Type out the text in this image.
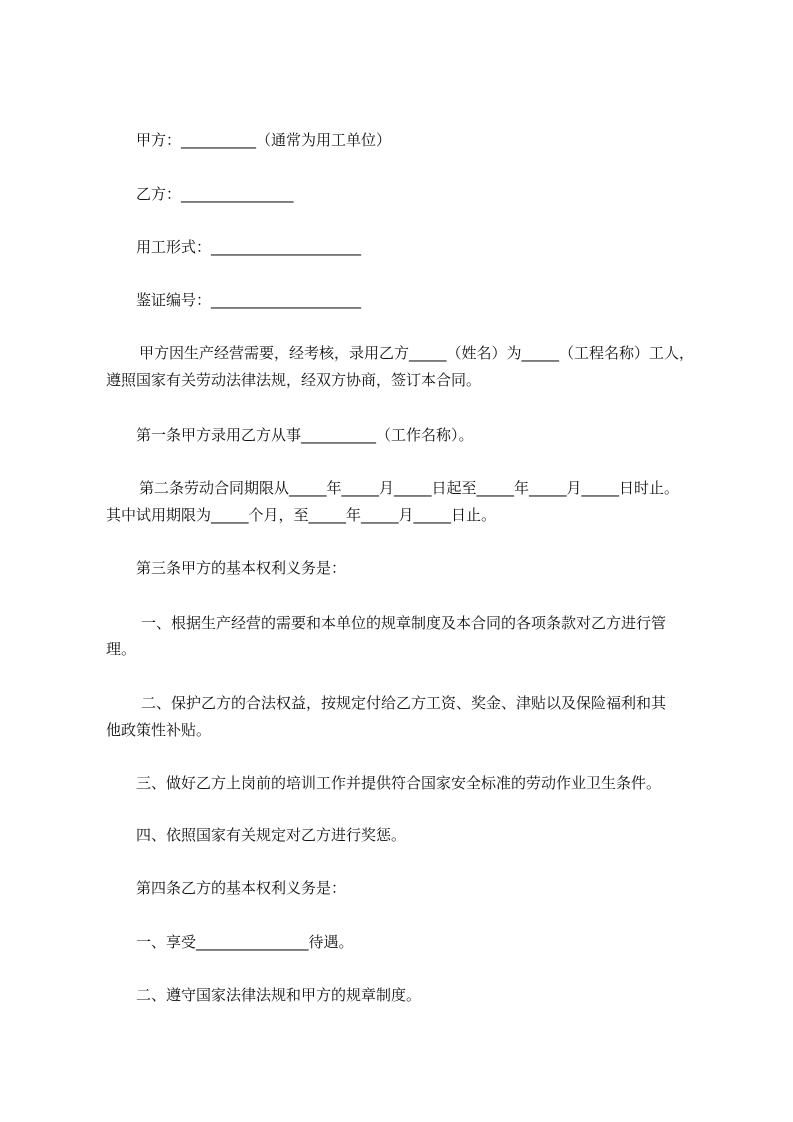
甲方：__________（通常为用工单位）
乙方：_______________
用工形式：____________________
鉴证编号：____________________
甲方因生产经营需要，经考核，录用乙方_____（姓名）为_____（工程名称）工人，
遵照国家有关劳动法律法规，经双方协商，签订本合同。
第一条甲方录用乙方从事__________（工作名称）。
第二条劳动合同期限从_____年_____月_____日起至_____年_____月_____日时止。
其中试用期限为_____个月，至_____年_____月_____日止。
第三条甲方的基本权利义务是：
一、根据生产经营的需要和本单位的规章制度及本合同的各项条款对乙方进行管
理。
二、保护乙方的合法权益，按规定付给乙方工资、奖金、津贴以及保险福利和其
他政策性补贴。
三、做好乙方上岗前的培训工作并提供符合国家安全标准的劳动作业卫生条件。
四、依照国家有关规定对乙方进行奖惩。
第四条乙方的基本权利义务是：
一、享受_______________待遇。
二、遵守国家法律法规和甲方的规章制度。
